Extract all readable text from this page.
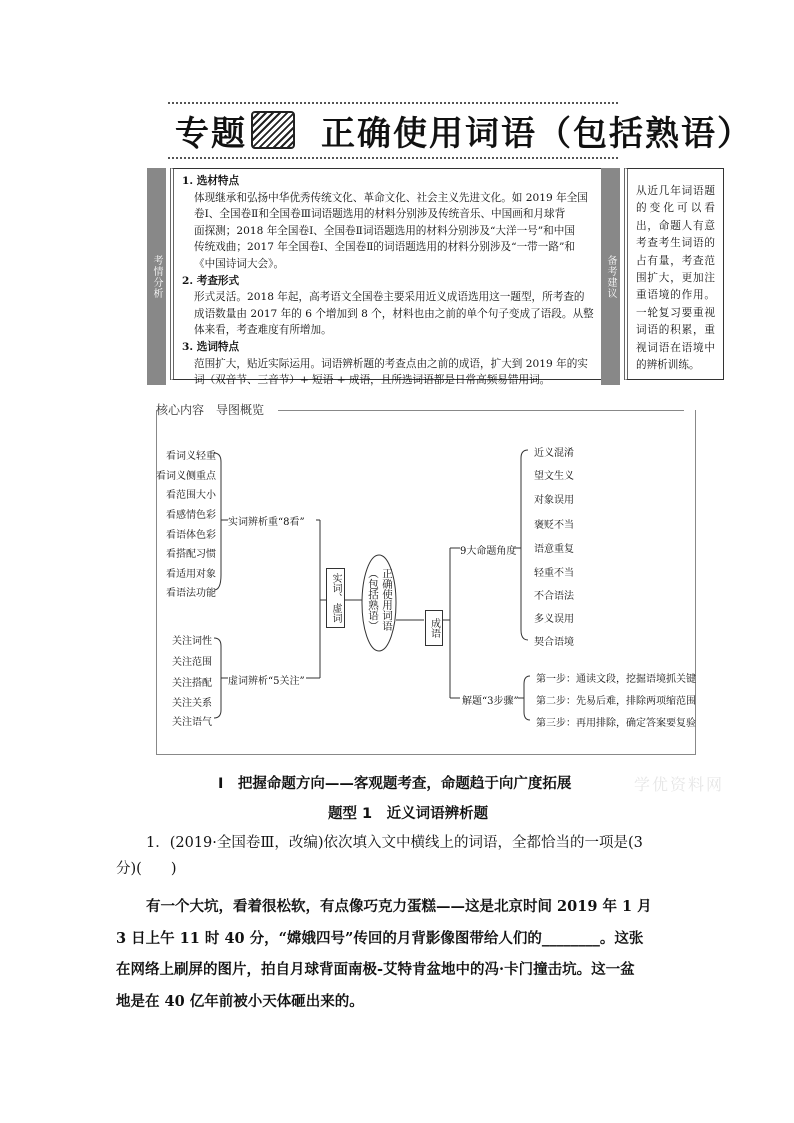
专题 正确使用词语（包括熟语）
考情分析
1. 选材特点
体现继承和弘扬中华优秀传统文化、革命文化、社会主义先进文化。如 2019 年全国
卷Ⅰ、全国卷Ⅱ和全国卷Ⅲ词语题选用的材料分别涉及传统音乐、中国画和月球背
面探测；2018 年全国卷Ⅰ、全国卷Ⅱ词语题选用的材料分别涉及“大洋一号”和中国
传统戏曲；2017 年全国卷Ⅰ、全国卷Ⅱ的词语题选用的材料分别涉及“一带一路”和
《中国诗词大会》。
2. 考查形式
形式灵活。2018 年起，高考语文全国卷主要采用近义成语选用这一题型，所考查的
成语数量由 2017 年的 6 个增加到 8 个，材料也由之前的单个句子变成了语段。从整
体来看，考查难度有所增加。
3. 选词特点
范围扩大，贴近实际运用。词语辨析题的考查点由之前的成语，扩大到 2019 年的实
词（双音节、三音节）+ 短语 + 成语，且所选词语都是日常高频易错用词。
备考建议
从近几年词语题的变化可以看出，命题人有意考查考生词语的占有量，考查范围扩大，更加注重语境的作用。一轮复习要重视词语的积累，重视词语在语境中的辨析训练。
核心内容　导图概览
看词义轻重
看词义侧重点
看范围大小
看感情色彩
看语体色彩
看搭配习惯
看适用对象
看语法功能
实词辨析重“8看”
关注词性
关注范围
关注搭配
关注关系
关注语气
虚词辨析“5关注”
实词、虚词	正确使用词语（包括熟语）	成语
9大命题角度
近义混淆
望文生义
对象误用
褒贬不当
语意重复
轻重不当
不合语法
多义误用
契合语境
解题“3步骤”
第一步：通读文段，挖掘语境抓关键
第二步：先易后难，排除两项缩范围
第三步：再用排除，确定答案要复验
Ⅰ　把握命题方向——客观题考查，命题趋于向广度拓展	学优资料网
题型 1　近义词语辨析题
1．(2019·全国卷Ⅲ，改编)依次填入文中横线上的词语，全都恰当的一项是(3
分)(　　)
有一个大坑，看着很松软，有点像巧克力蛋糕——这是北京时间 2019 年 1 月
3 日上午 11 时 40 分，“嫦娥四号”传回的月背影像图带给人们的________。这张
在网络上刷屏的图片，拍自月球背面南极-艾特肯盆地中的冯·卡门撞击坑。这一盆
地是在 40 亿年前被小天体砸出来的。
